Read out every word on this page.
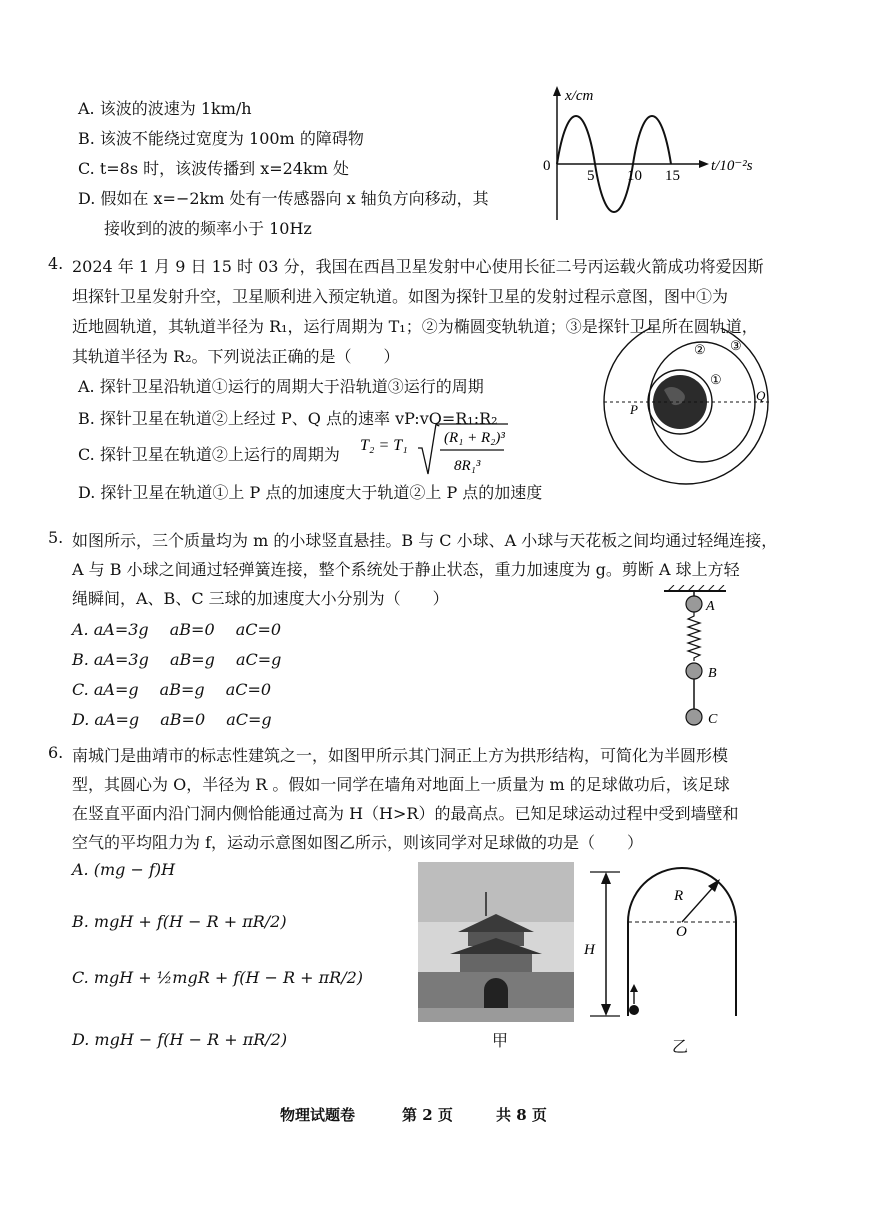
A. 该波的波速为 1km/h
B. 该波不能绕过宽度为 100m 的障碍物
C. t=8s 时，该波传播到 x=24km 处
D. 假如在 x=−2km 处有一传感器向 x 轴负方向移动，其
接收到的波的频率小于 10Hz
x/cm
t/10⁻²s
0
5 10 15
4. 2024 年 1 月 9 日 15 时 03 分，我国在西昌卫星发射中心使用长征二号丙运载火箭成功将爱因斯
坦探针卫星发射升空，卫星顺利进入预定轨道。如图为探针卫星的发射过程示意图，图中①为
近地圆轨道，其轨道半径为 R₁，运行周期为 T₁；②为椭圆变轨轨道；③是探针卫星所在圆轨道，
其轨道半径为 R₂。下列说法正确的是（　　）
A. 探针卫星沿轨道①运行的周期大于沿轨道③运行的周期
B. 探针卫星在轨道②上经过 P、Q 点的速率 vP:vQ=R₁:R₂
C. 探针卫星在轨道②上运行的周期为 T₂ = T₁ (R₁ + R₂)³
8R₁³
D. 探针卫星在轨道①上 P 点的加速度大于轨道②上 P 点的加速度
② ③
①
P
Q
5. 如图所示，三个质量均为 m 的小球竖直悬挂。B 与 C 小球、A 小球与天花板之间均通过轻绳连接，
A 与 B 小球之间通过轻弹簧连接，整个系统处于静止状态，重力加速度为 g。剪断 A 球上方轻
绳瞬间，A、B、C 三球的加速度大小分别为（　　）
A. aA=3g　 aB=0　 aC=0
B. aA=3g　 aB=g　 aC=g
C. aA=g　 aB=g　 aC=0
D. aA=g　 aB=0　 aC=g
A
B
C
6. 南城门是曲靖市的标志性建筑之一，如图甲所示其门洞正上方为拱形结构，可简化为半圆形模
型，其圆心为 O，半径为 R 。假如一同学在墙角对地面上一质量为 m 的足球做功后，该足球
在竖直平面内沿门洞内侧恰能通过高为 H（H>R）的最高点。已知足球运动过程中受到墙壁和
空气的平均阻力为 f，运动示意图如图乙所示，则该同学对足球做的功是（　　）
A. (mg − f)H
B. mgH + f(H − R + πR/2)
C. mgH + ½mgR + f(H − R + πR/2)
D. mgH − f(H − R + πR/2)	甲
H
R
O
乙
物理试题卷	第 2 页	共 8 页
